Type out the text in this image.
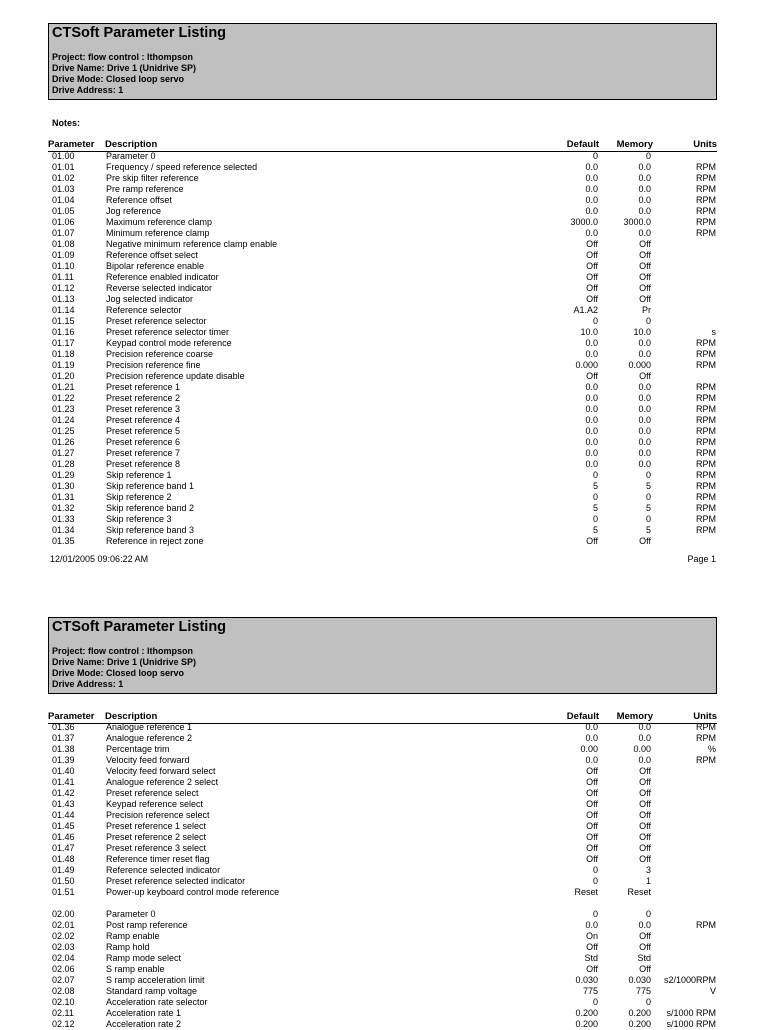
CTSoft Parameter Listing
Project: flow control : lthompson
Drive Name: Drive 1 (Unidrive SP)
Drive Mode: Closed loop servo
Drive Address: 1
Notes:
Parameter Description	Default Memory	Units
01.00	Parameter 0	0	0
01.01	Frequency / speed reference selected	0.0	0.0	RPM
01.02	Pre skip filter reference	0.0	0.0	RPM
01.03	Pre ramp reference	0.0	0.0	RPM
01.04	Reference offset	0.0	0.0	RPM
01.05	Jog reference	0.0	0.0	RPM
01.06	Maximum reference clamp	3000.0	3000.0	RPM
01.07	Minimum reference clamp	0.0	0.0	RPM
01.08	Negative minimum reference clamp enable	Off	Off
01.09	Reference offset select	Off	Off
01.10	Bipolar reference enable	Off	Off
01.11	Reference enabled indicator	Off	Off
01.12	Reverse selected indicator	Off	Off
01.13	Jog selected indicator	Off	Off
01.14	Reference selector	A1.A2	Pr
01.15	Preset reference selector	0	0
01.16	Preset reference selector timer	10.0	10.0	s
01.17	Keypad control mode reference	0.0	0.0	RPM
01.18	Precision reference coarse	0.0	0.0	RPM
01.19	Precision reference fine	0.000	0.000	RPM
01.20	Precision reference update disable	Off	Off
01.21	Preset reference 1	0.0	0.0	RPM
01.22	Preset reference 2	0.0	0.0	RPM
01.23	Preset reference 3	0.0	0.0	RPM
01.24	Preset reference 4	0.0	0.0	RPM
01.25	Preset reference 5	0.0	0.0	RPM
01.26	Preset reference 6	0.0	0.0	RPM
01.27	Preset reference 7	0.0	0.0	RPM
01.28	Preset reference 8	0.0	0.0	RPM
01.29	Skip reference 1	0	0	RPM
01.30	Skip reference band 1	5	5	RPM
01.31	Skip reference 2	0	0	RPM
01.32	Skip reference band 2	5	5	RPM
01.33	Skip reference 3	0	0	RPM
01.34	Skip reference band 3	5	5	RPM
01.35	Reference in reject zone	Off	Off
12/01/2005 09:06:22 AM	Page 1
CTSoft Parameter Listing
Project: flow control : lthompson
Drive Name: Drive 1 (Unidrive SP)
Drive Mode: Closed loop servo
Drive Address: 1
Parameter Description	Default Memory	Units
01.36	Analogue reference 1	0.0	0.0	RPM
01.37	Analogue reference 2	0.0	0.0	RPM
01.38	Percentage trim	0.00	0.00	%
01.39	Velocity feed forward	0.0	0.0	RPM
01.40	Velocity feed forward select	Off	Off
01.41	Analogue reference 2 select	Off	Off
01.42	Preset reference select	Off	Off
01.43	Keypad reference select	Off	Off
01.44	Precision reference select	Off	Off
01.45	Preset reference 1 select	Off	Off
01.46	Preset reference 2 select	Off	Off
01.47	Preset reference 3 select	Off	Off
01.48	Reference timer reset flag	Off	Off
01.49	Reference selected indicator	0	3
01.50	Preset reference selected indicator	0	1
01.51	Power-up keyboard control mode reference	Reset	Reset
02.00	Parameter 0	0	0
02.01	Post ramp reference	0.0	0.0	RPM
02.02	Ramp enable	On	Off
02.03	Ramp hold	Off	Off
02.04	Ramp mode select	Std	Std
02.06	S ramp enable	Off	Off
02.07	S ramp acceleration limit	0.030	0.030 s2/1000RPM
02.08	Standard ramp voltage	775	775	V
02.10	Acceleration rate selector	0	0
02.11	Acceleration rate 1	0.200	0.200 s/1000 RPM
02.12	Acceleration rate 2	0.200	0.200 s/1000 RPM
